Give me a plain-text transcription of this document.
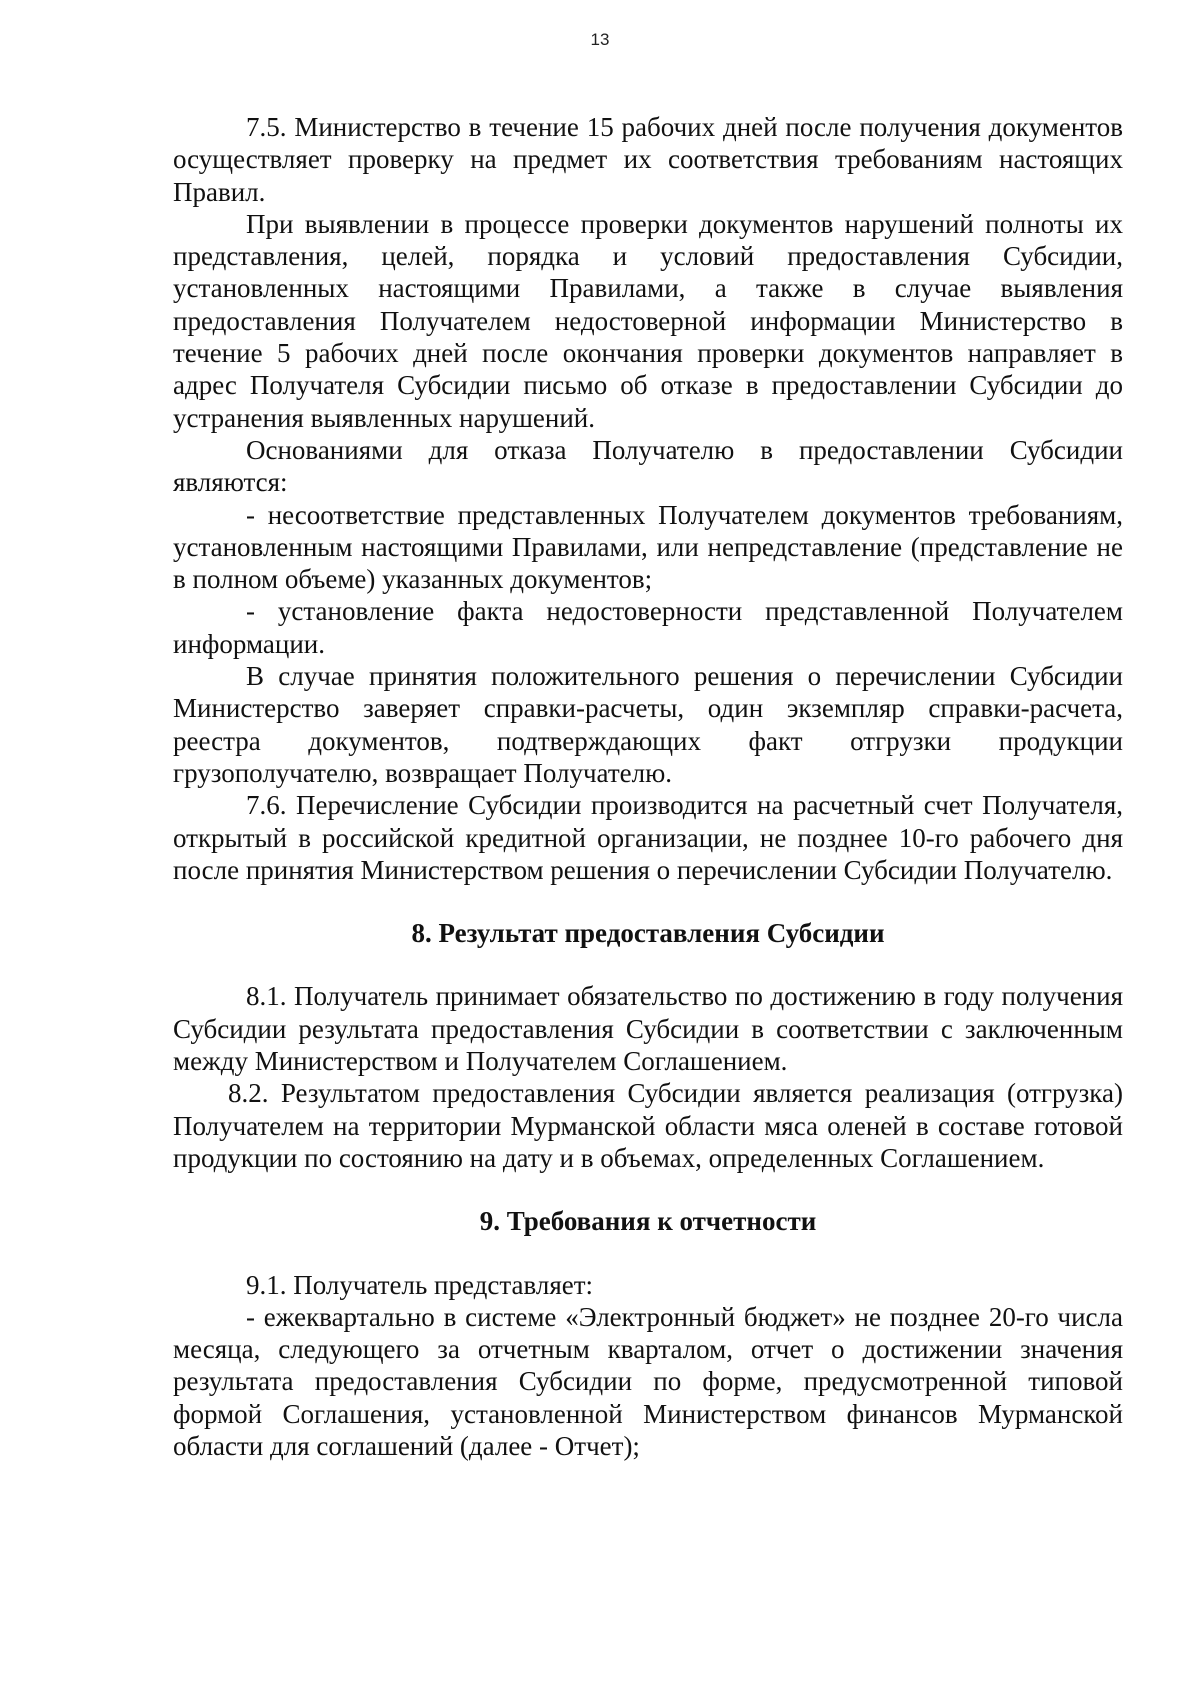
13

7.5. Министерство в течение 15 рабочих дней после получения документов осуществляет проверку на предмет их соответствия требованиям настоящих Правил.

При выявлении в процессе проверки документов нарушений полноты их представления, целей, порядка и условий предоставления Субсидии, установленных настоящими Правилами, а также в случае выявления предоставления Получателем недостоверной информации Министерство в течение 5 рабочих дней после окончания проверки документов направляет в адрес Получателя Субсидии письмо об отказе в предоставлении Субсидии до устранения выявленных нарушений.

Основаниями для отказа Получателю в предоставлении Субсидии являются:

- несоответствие представленных Получателем документов требованиям, установленным настоящими Правилами, или непредставление (представление не в полном объеме) указанных документов;

- установление факта недостоверности представленной Получателем информации.

В случае принятия положительного решения о перечислении Субсидии Министерство заверяет справки-расчеты, один экземпляр справки-расчета, реестра документов, подтверждающих факт отгрузки продукции грузополучателю, возвращает Получателю.

7.6. Перечисление Субсидии производится на расчетный счет Получателя, открытый в российской кредитной организации, не позднее 10-го рабочего дня после принятия Министерством решения о перечислении Субсидии Получателю.

8. Результат предоставления Субсидии

8.1. Получатель принимает обязательство по достижению в году получения Субсидии результата предоставления Субсидии в соответствии с заключенным между Министерством и Получателем Соглашением.

8.2. Результатом предоставления Субсидии является реализация (отгрузка) Получателем на территории Мурманской области мяса оленей в составе готовой продукции по состоянию на дату и в объемах, определенных Соглашением.

9. Требования к отчетности

9.1. Получатель представляет:

- ежеквартально в системе «Электронный бюджет» не позднее 20-го числа месяца, следующего за отчетным кварталом, отчет о достижении значения результата предоставления Субсидии по форме, предусмотренной типовой формой Соглашения, установленной Министерством финансов Мурманской области для соглашений (далее - Отчет);
